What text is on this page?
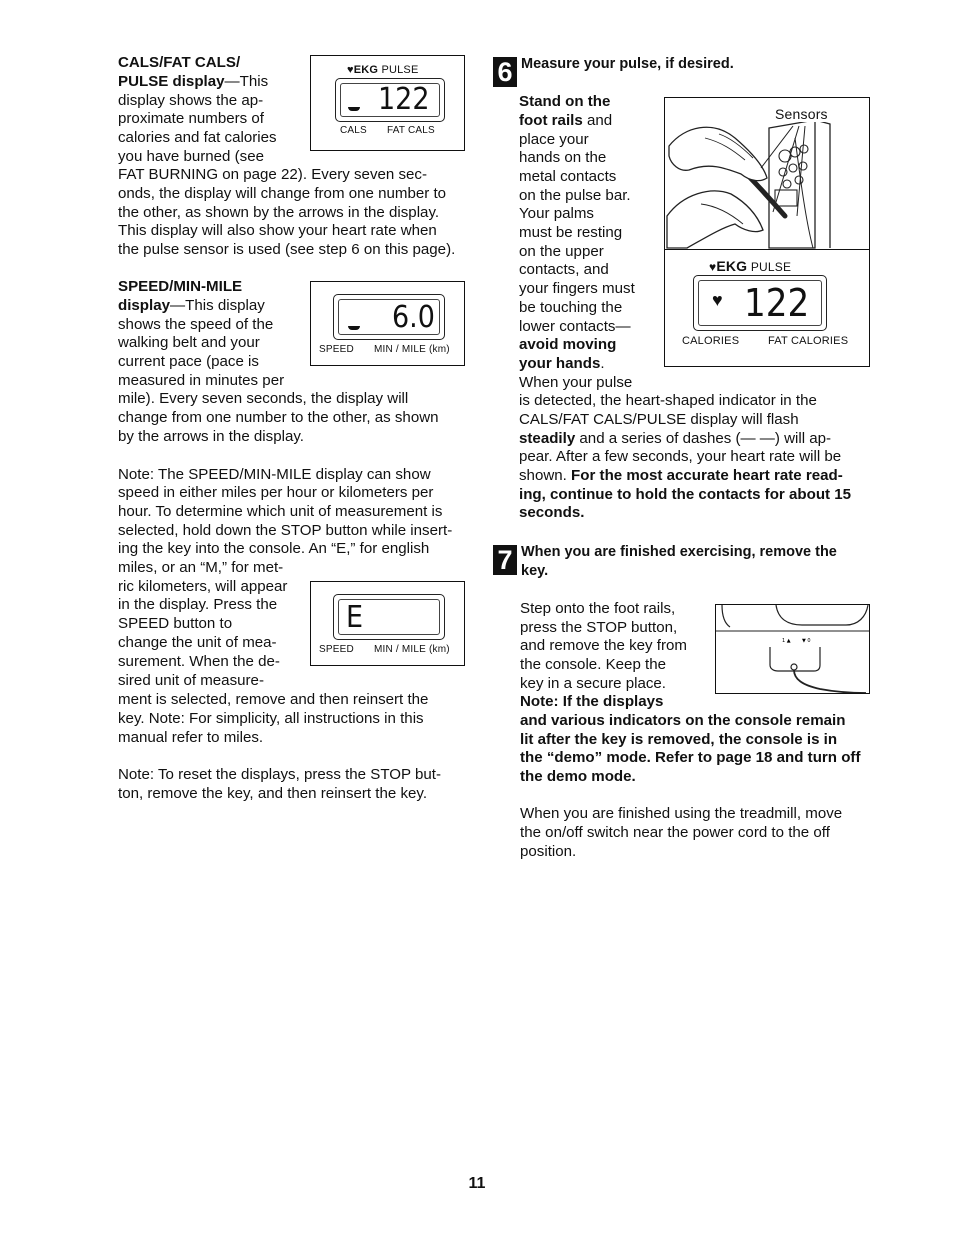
CALS/FAT CALS/

PULSE display—This

display shows the ap-

proximate numbers of

calories and fat calories

you have burned (see

FAT BURNING on page 22). Every seven sec-

onds, the display will change from one number to

the other, as shown by the arrows in the display.

This display will also show your heart rate when

the pulse sensor is used (see step 6 on this page).

♥EKG PULSE
122
CALS FAT CALS

SPEED/MIN-MILE

display—This display

shows the speed of the

walking belt and your

current pace (pace is

measured in minutes per

mile). Every seven seconds, the display will

change from one number to the other, as shown

by the arrows in the display.

6.0
SPEED MIN / MILE (km)

Note: The SPEED/MIN-MILE display can show

speed in either miles per hour or kilometers per

hour. To determine which unit of measurement is

selected, hold down the STOP button while insert-

ing the key into the console. An “E,” for english

miles, or an “M,” for met-

ric kilometers, will appear

in the display. Press the

SPEED button to

change the unit of mea-

surement. When the de-

sired unit of measure-

ment is selected, remove and then reinsert the

key. Note: For simplicity, all instructions in this

manual refer to miles.

E
SPEED MIN / MILE (km)

Note: To reset the displays, press the STOP but-

ton, remove the key, and then reinsert the key.

6 Measure your pulse, if desired.

Stand on the

foot rails and

place your

hands on the

metal contacts

on the pulse bar.

Your palms

must be resting

on the upper

contacts, and

your fingers must

be touching the

lower contacts—

avoid moving

your hands.

When your pulse

is detected, the heart-shaped indicator in the

CALS/FAT CALS/PULSE display will flash

steadily and a series of dashes (— —) will ap-

pear. After a few seconds, your heart rate will be

shown. For the most accurate heart rate read-

ing, continue to hold the contacts for about 15

seconds.

Sensors
♥EKG PULSE
♥ 122
CALORIES	FAT CALORIES
7 When you are finished exercising, remove the

key.

Step onto the foot rails,

press the STOP button,

and remove the key from

the console. Keep the

key in a secure place.

Note: If the displays

and various indicators on the console remain

lit after the key is removed, the console is in

the “demo” mode. Refer to page 18 and turn off

the demo mode.

When you are finished using the treadmill, move

the on/off switch near the power cord to the off

position.

1 ▲ ▼ 0
11
